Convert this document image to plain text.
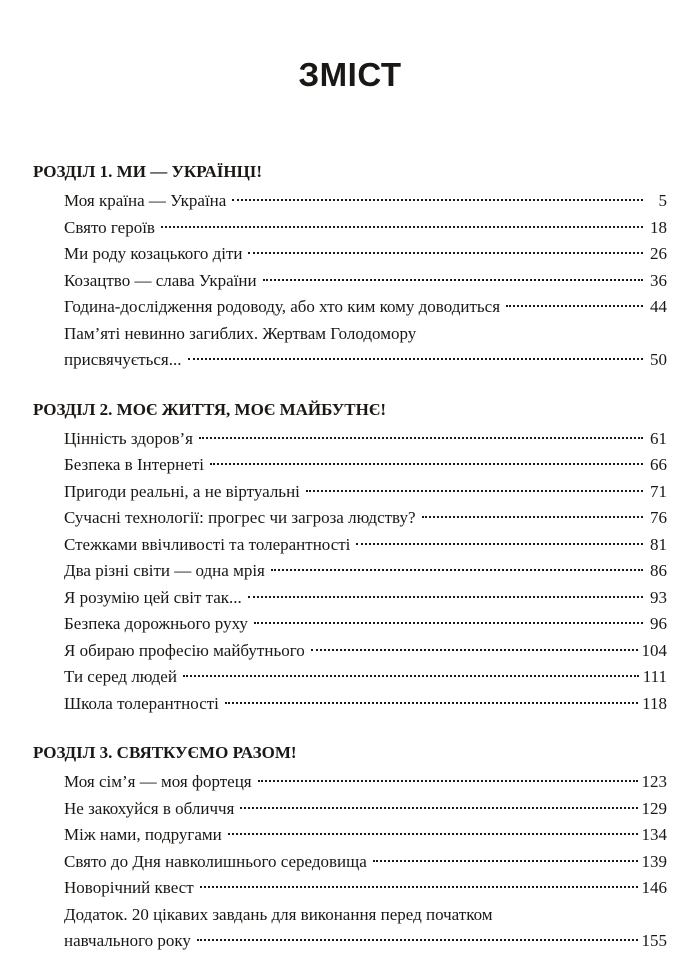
ЗМІСТ
РОЗДІЛ 1. МИ — УКРАЇНЦІ!
Моя країна — Україна	5
Свято героїв	18
Ми роду козацького діти	26
Козацтво — слава України	36
Година-дослідження родоводу, або хто ким кому доводиться	44
Пам’яті невинно загиблих. Жертвам Голодомору
присвячується...	50
РОЗДІЛ 2. МОЄ ЖИТТЯ, МОЄ МАЙБУТНЄ!
Цінність здоров’я	61
Безпека в Інтернеті	66
Пригоди реальні, а не віртуальні	71
Сучасні технології: прогрес чи загроза людству?	76
Стежками ввічливості та толерантності	81
Два різні світи — одна мрія	86
Я розумію цей світ так...	93
Безпека дорожнього руху	96
Я обираю професію майбутнього	104
Ти серед людей	111
Школа толерантності	118
РОЗДІЛ 3. СВЯТКУЄМО РАЗОМ!
Моя сім’я — моя фортеця	123
Не закохуйся в обличчя	129
Між нами, подругами	134
Свято до Дня навколишнього середовища	139
Новорічний квест	146
Додаток. 20 цікавих завдань для виконання перед початком
навчального року	155
